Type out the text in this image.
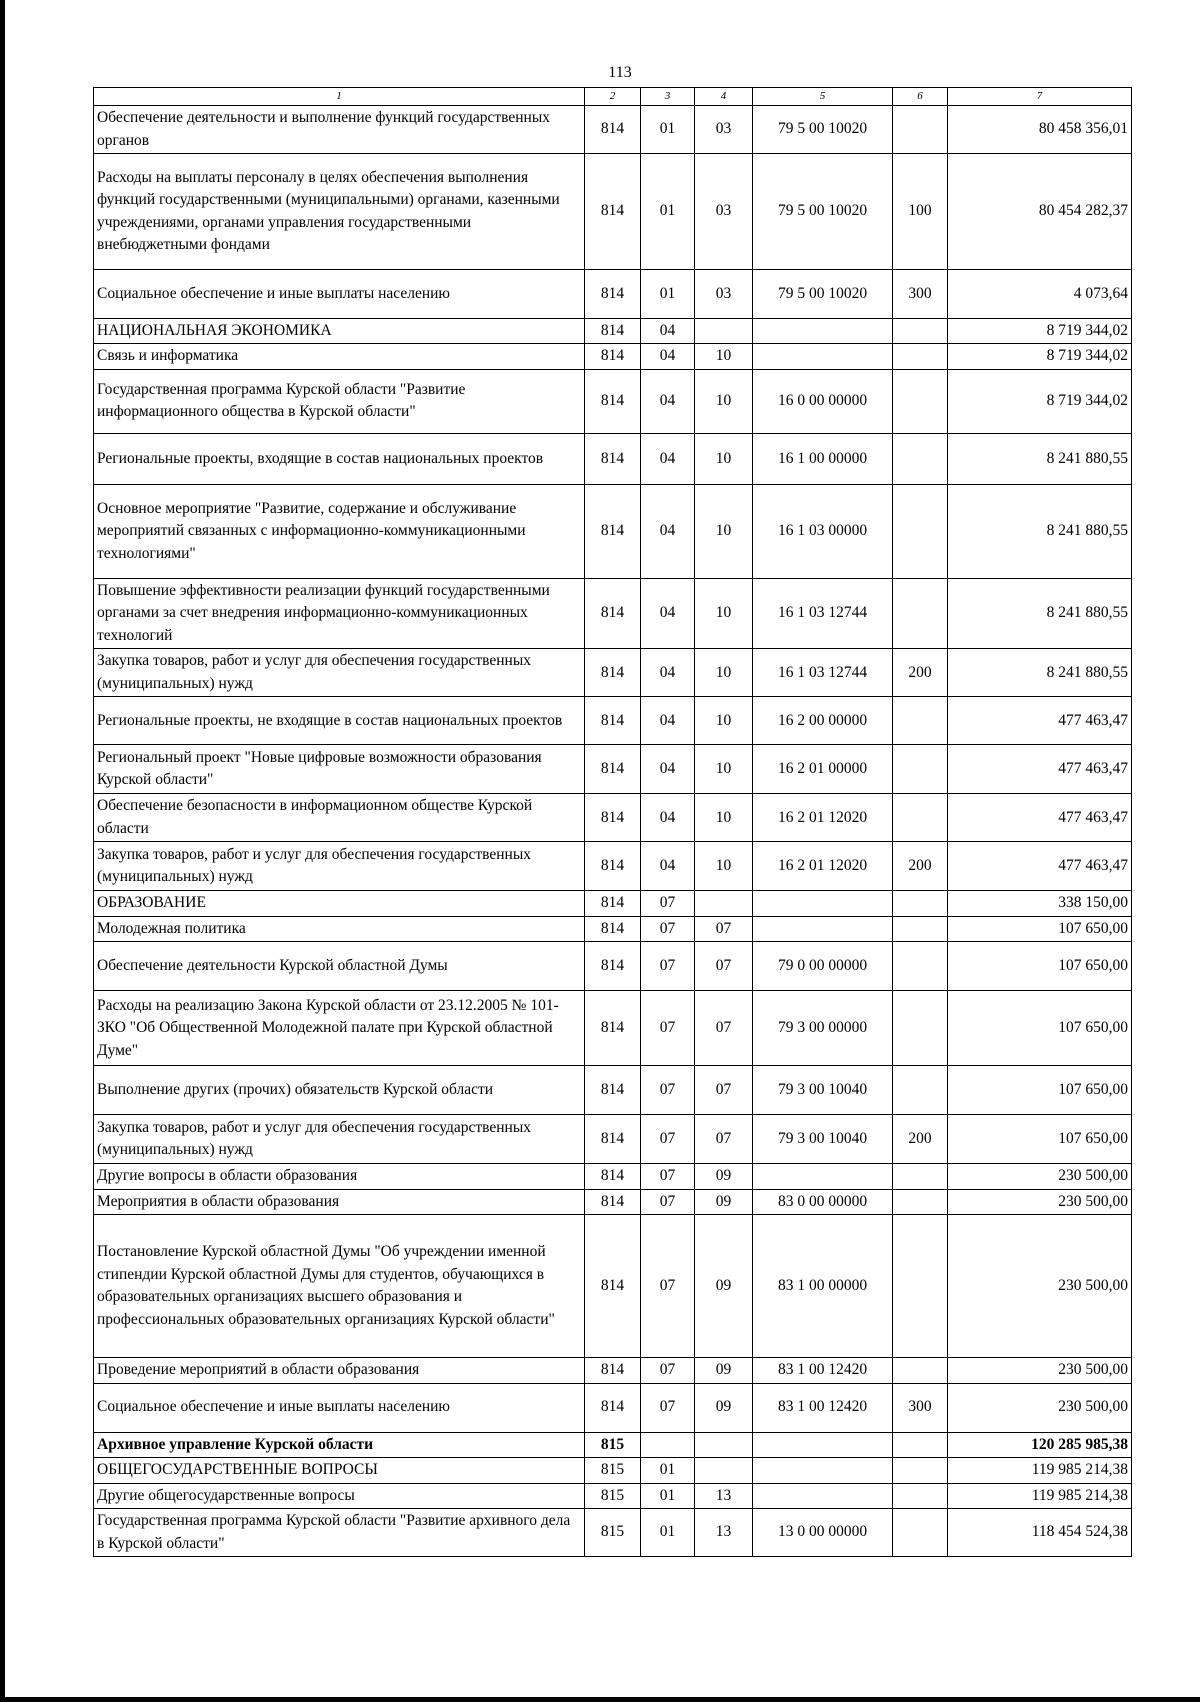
113
1	2	3	4	5	6	7
Обеспечение деятельности и выполнение функций государственных органов	814	01	03	79 5 00 10020		80 458 356,01
Расходы на выплаты персоналу в целях обеспечения выполнения функций государственными (муниципальными) органами, казенными учреждениями, органами управления государственными внебюджетными фондами	814	01	03	79 5 00 10020	100	80 454 282,37
Социальное обеспечение и иные выплаты населению	814	01	03	79 5 00 10020	300	4 073,64
НАЦИОНАЛЬНАЯ ЭКОНОМИКА	814	04				8 719 344,02
Связь и информатика	814	04	10			8 719 344,02
Государственная программа Курской области "Развитие информационного общества в Курской области"	814	04	10	16 0 00 00000		8 719 344,02
Региональные проекты, входящие в состав национальных проектов	814	04	10	16 1 00 00000		8 241 880,55
Основное мероприятие "Развитие, содержание и обслуживание мероприятий связанных с информационно-коммуникационными технологиями"	814	04	10	16 1 03 00000		8 241 880,55
Повышение эффективности реализации функций государственными органами за счет внедрения информационно-коммуникационных технологий	814	04	10	16 1 03 12744		8 241 880,55
Закупка товаров, работ и услуг для обеспечения государственных (муниципальных) нужд	814	04	10	16 1 03 12744	200	8 241 880,55
Региональные проекты, не входящие в состав национальных проектов	814	04	10	16 2 00 00000		477 463,47
Региональный проект "Новые цифровые возможности образования Курской области"	814	04	10	16 2 01 00000		477 463,47
Обеспечение безопасности в информационном обществе Курской области	814	04	10	16 2 01 12020		477 463,47
Закупка товаров, работ и услуг для обеспечения государственных (муниципальных) нужд	814	04	10	16 2 01 12020	200	477 463,47
ОБРАЗОВАНИЕ	814	07				338 150,00
Молодежная политика	814	07	07			107 650,00
Обеспечение деятельности Курской областной Думы	814	07	07	79 0 00 00000		107 650,00
Расходы на реализацию Закона Курской области от 23.12.2005 № 101-ЗКО "Об Общественной Молодежной палате при Курской областной Думе"	814	07	07	79 3 00 00000		107 650,00
Выполнение других (прочих) обязательств Курской области	814	07	07	79 3 00 10040		107 650,00
Закупка товаров, работ и услуг для обеспечения государственных (муниципальных) нужд	814	07	07	79 3 00 10040	200	107 650,00
Другие вопросы в области образования	814	07	09			230 500,00
Мероприятия в области образования	814	07	09	83 0 00 00000		230 500,00
Постановление Курской областной Думы "Об учреждении именной стипендии Курской областной Думы для студентов, обучающихся в образовательных организациях высшего образования и профессиональных образовательных организациях Курской области"	814	07	09	83 1 00 00000		230 500,00
Проведение мероприятий в области образования	814	07	09	83 1 00 12420		230 500,00
Социальное обеспечение и иные выплаты населению	814	07	09	83 1 00 12420	300	230 500,00
Архивное управление Курской области	815					120 285 985,38
ОБЩЕГОСУДАРСТВЕННЫЕ ВОПРОСЫ	815	01				119 985 214,38
Другие общегосударственные вопросы	815	01	13			119 985 214,38
Государственная программа Курской области "Развитие архивного дела в Курской области"	815	01	13	13 0 00 00000		118 454 524,38
